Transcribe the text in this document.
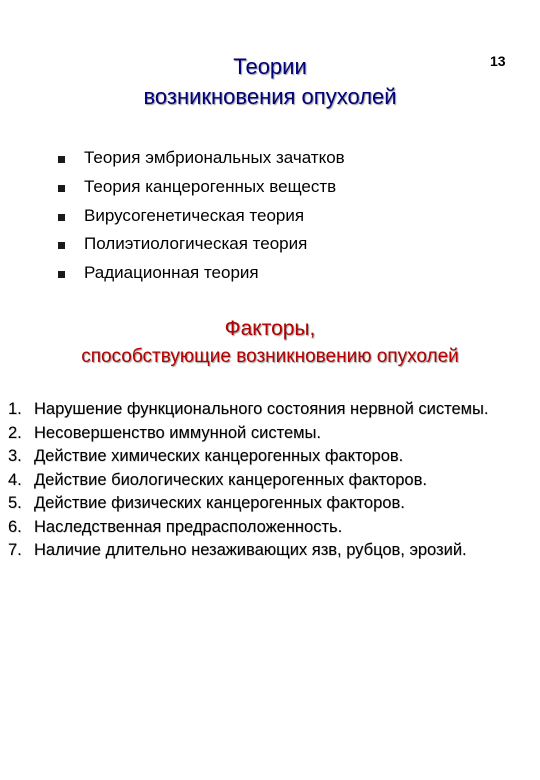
13
Теории
возникновения опухолей
Теория эмбриональных зачатков
Теория канцерогенных веществ
Вирусогенетическая теория
Полиэтиологическая теория
Радиационная теория
Факторы,
способствующие возникновению опухолей
1. Нарушение функционального состояния нервной системы.
2. Несовершенство иммунной системы.
3. Действие химических канцерогенных факторов.
4. Действие биологических канцерогенных факторов.
5. Действие физических канцерогенных факторов.
6. Наследственная предрасположенность.
7. Наличие длительно незаживающих язв, рубцов, эрозий.
